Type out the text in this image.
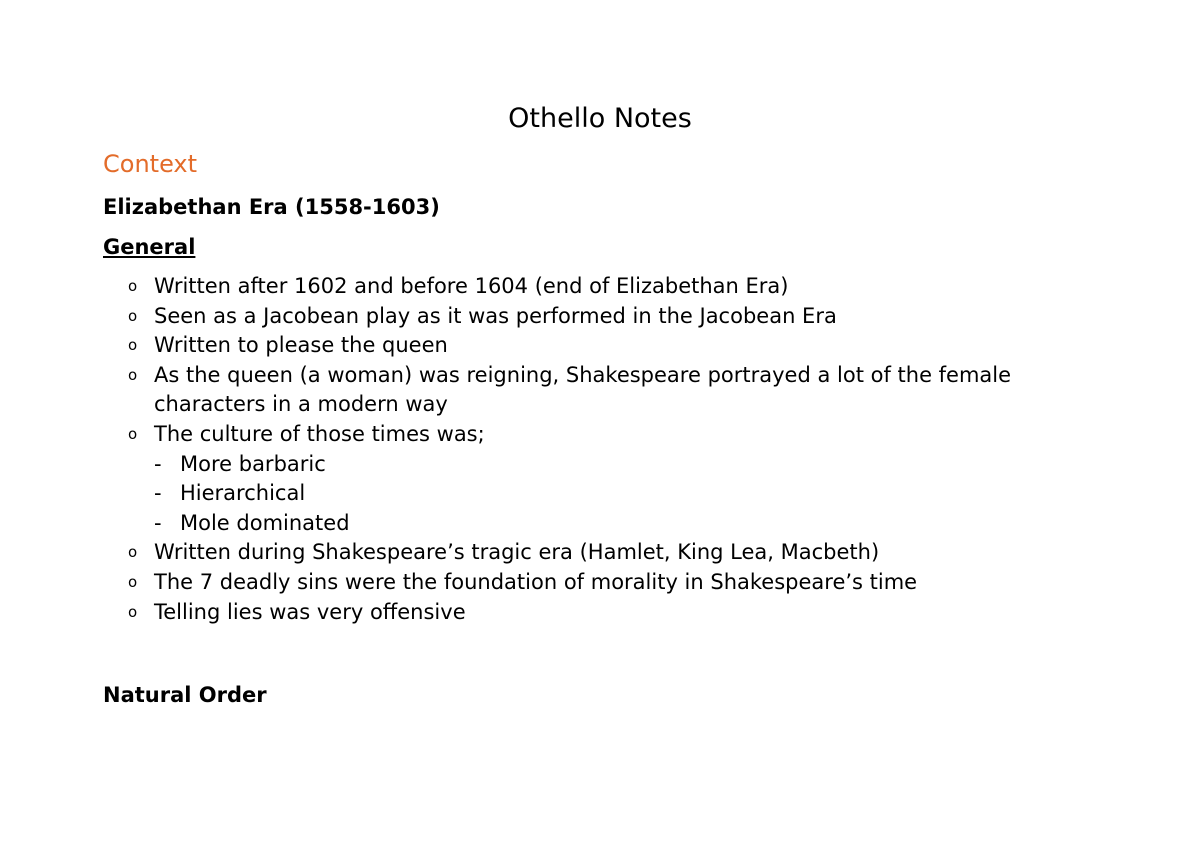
Othello Notes
Context
Elizabethan Era (1558-1603)
General
o Written after 1602 and before 1604 (end of Elizabethan Era)
o Seen as a Jacobean play as it was performed in the Jacobean Era
o Written to please the queen
o As the queen (a woman) was reigning, Shakespeare portrayed a lot of the female characters in a modern way
o The culture of those times was;
- More barbaric
- Hierarchical
- Mole dominated
o Written during Shakespeare’s tragic era (Hamlet, King Lea, Macbeth)
o The 7 deadly sins were the foundation of morality in Shakespeare’s time
o Telling lies was very offensive
Natural Order
